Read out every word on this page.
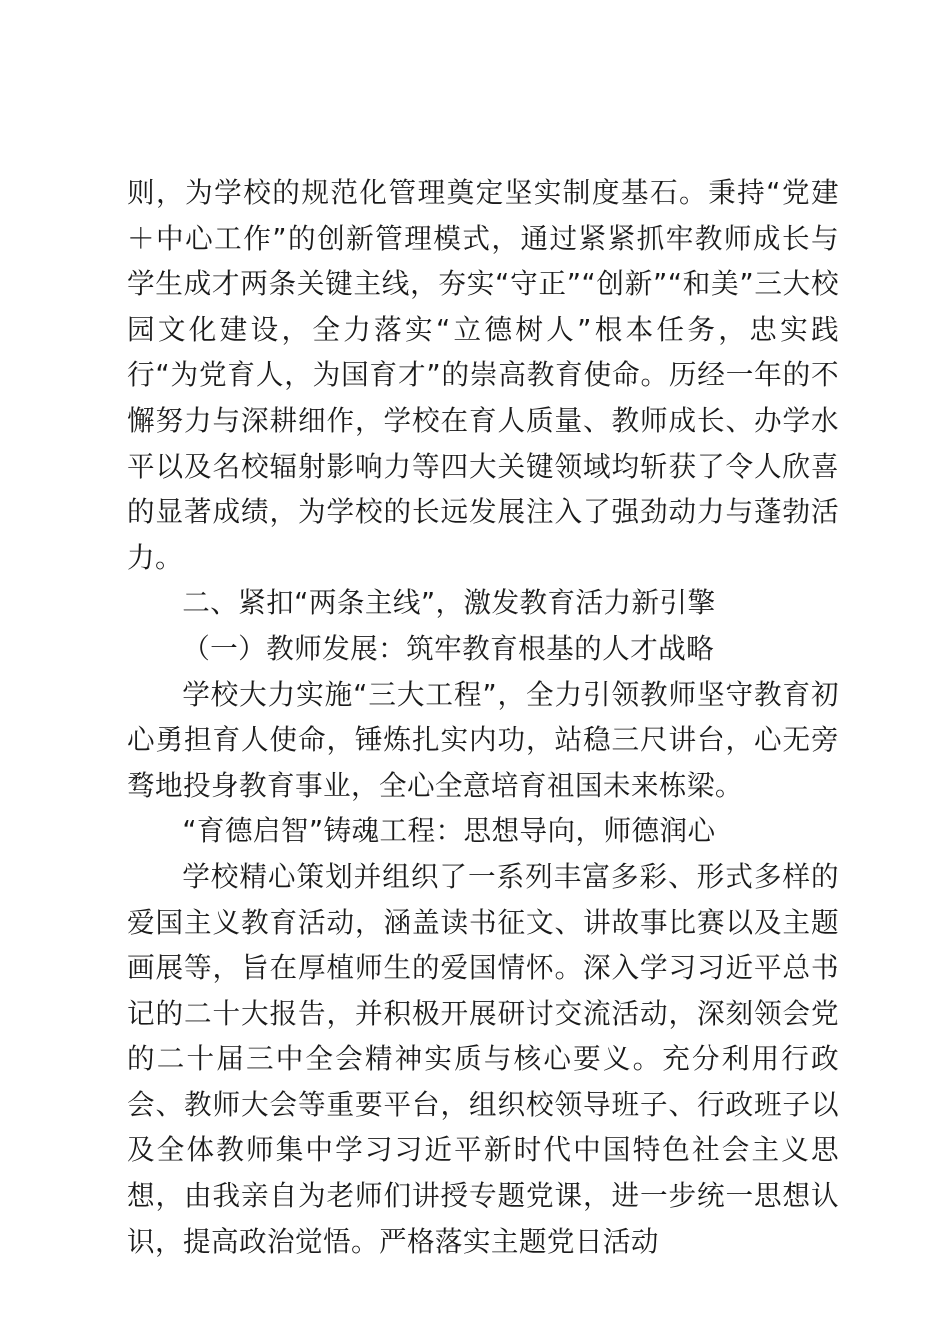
则，为学校的规范化管理奠定坚实制度基石。秉持“党建＋中心工作”的创新管理模式，通过紧紧抓牢教师成长与学生成才两条关键主线，夯实“守正”“创新”“和美”三大校园文化建设，全力落实“立德树人”根本任务，忠实践行“为党育人，为国育才”的崇高教育使命。历经一年的不懈努力与深耕细作，学校在育人质量、教师成长、办学水平以及名校辐射影响力等四大关键领域均斩获了令人欣喜的显著成绩，为学校的长远发展注入了强劲动力与蓬勃活力。

二、紧扣“两条主线”，激发教育活力新引擎

（一）教师发展：筑牢教育根基的人才战略

学校大力实施“三大工程”，全力引领教师坚守教育初心勇担育人使命，锤炼扎实内功，站稳三尺讲台，心无旁骛地投身教育事业，全心全意培育祖国未来栋梁。

“育德启智”铸魂工程：思想导向，师德润心

学校精心策划并组织了一系列丰富多彩、形式多样的爱国主义教育活动，涵盖读书征文、讲故事比赛以及主题画展等，旨在厚植师生的爱国情怀。深入学习习近平总书记的二十大报告，并积极开展研讨交流活动，深刻领会党的二十届三中全会精神实质与核心要义。充分利用行政会、教师大会等重要平台，组织校领导班子、行政班子以及全体教师集中学习习近平新时代中国特色社会主义思想，由我亲自为老师们讲授专题党课，进一步统一思想认识，提高政治觉悟。严格落实主题党日活动
